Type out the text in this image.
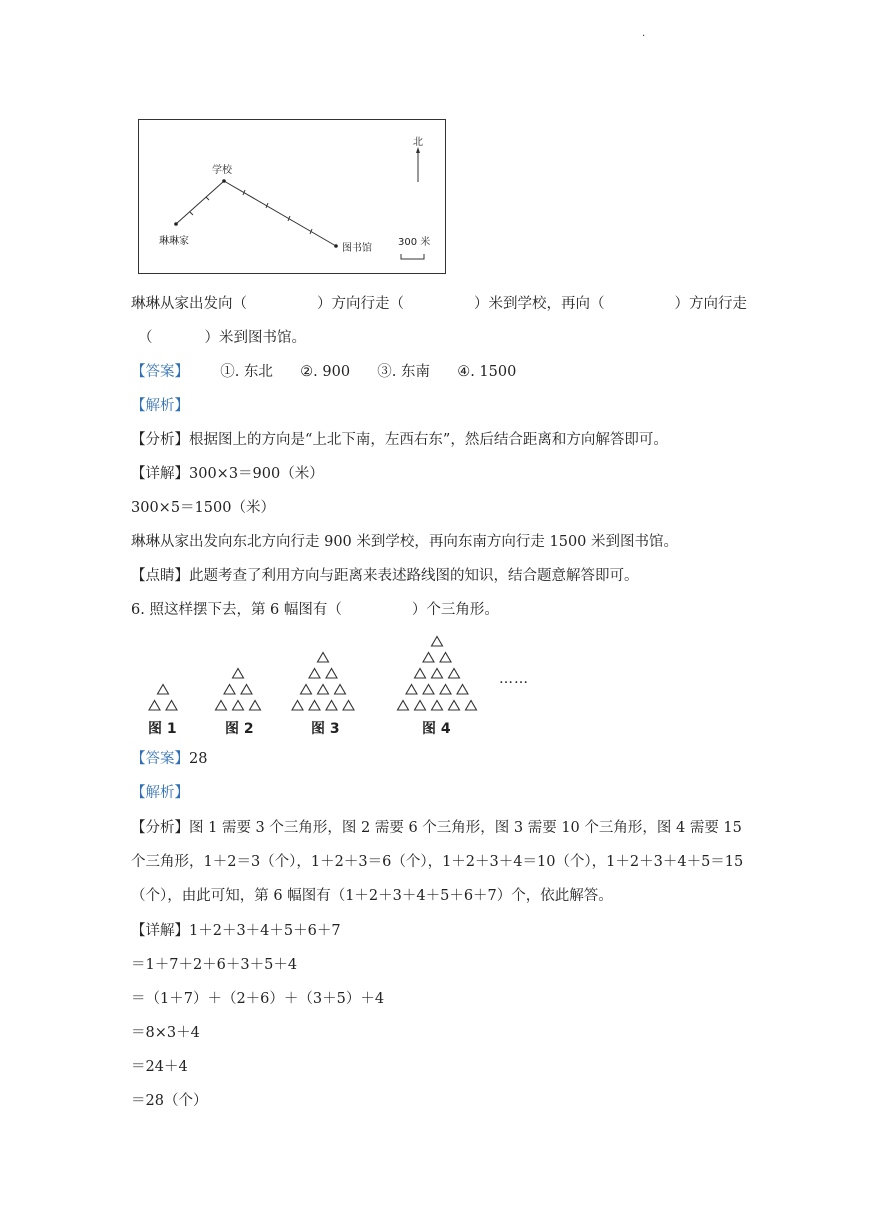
.
学校
琳琳家
图书馆
北
300 米
琳琳从家出发向（	）方向行走（	）米到学校，再向（	）方向行走
（	）米到图书馆。
【答案】 ①. 东北 ②. 900 ③. 东南 ④. 1500
【解析】
【分析】根据图上的方向是“上北下南，左西右东”，然后结合距离和方向解答即可。
【详解】300×3＝900（米）
300×5＝1500（米）
琳琳从家出发向东北方向行走 900 米到学校，再向东南方向行走 1500 米到图书馆。
【点睛】此题考查了利用方向与距离来表述路线图的知识，结合题意解答即可。
6. 照这样摆下去，第 6 幅图有（	）个三角形。
图 1	图 2	图 3	图 4
……
【答案】28
【解析】
【分析】图 1 需要 3 个三角形，图 2 需要 6 个三角形，图 3 需要 10 个三角形，图 4 需要 15
个三角形，1＋2＝3（个），1＋2＋3＝6（个），1＋2＋3＋4＝10（个），1＋2＋3＋4＋5＝15
（个），由此可知，第 6 幅图有（1＋2＋3＋4＋5＋6＋7）个，依此解答。
【详解】1＋2＋3＋4＋5＋6＋7
＝1＋7＋2＋6＋3＋5＋4
＝（1＋7）＋（2＋6）＋（3＋5）＋4
＝8×3＋4
＝24＋4
＝28（个）
